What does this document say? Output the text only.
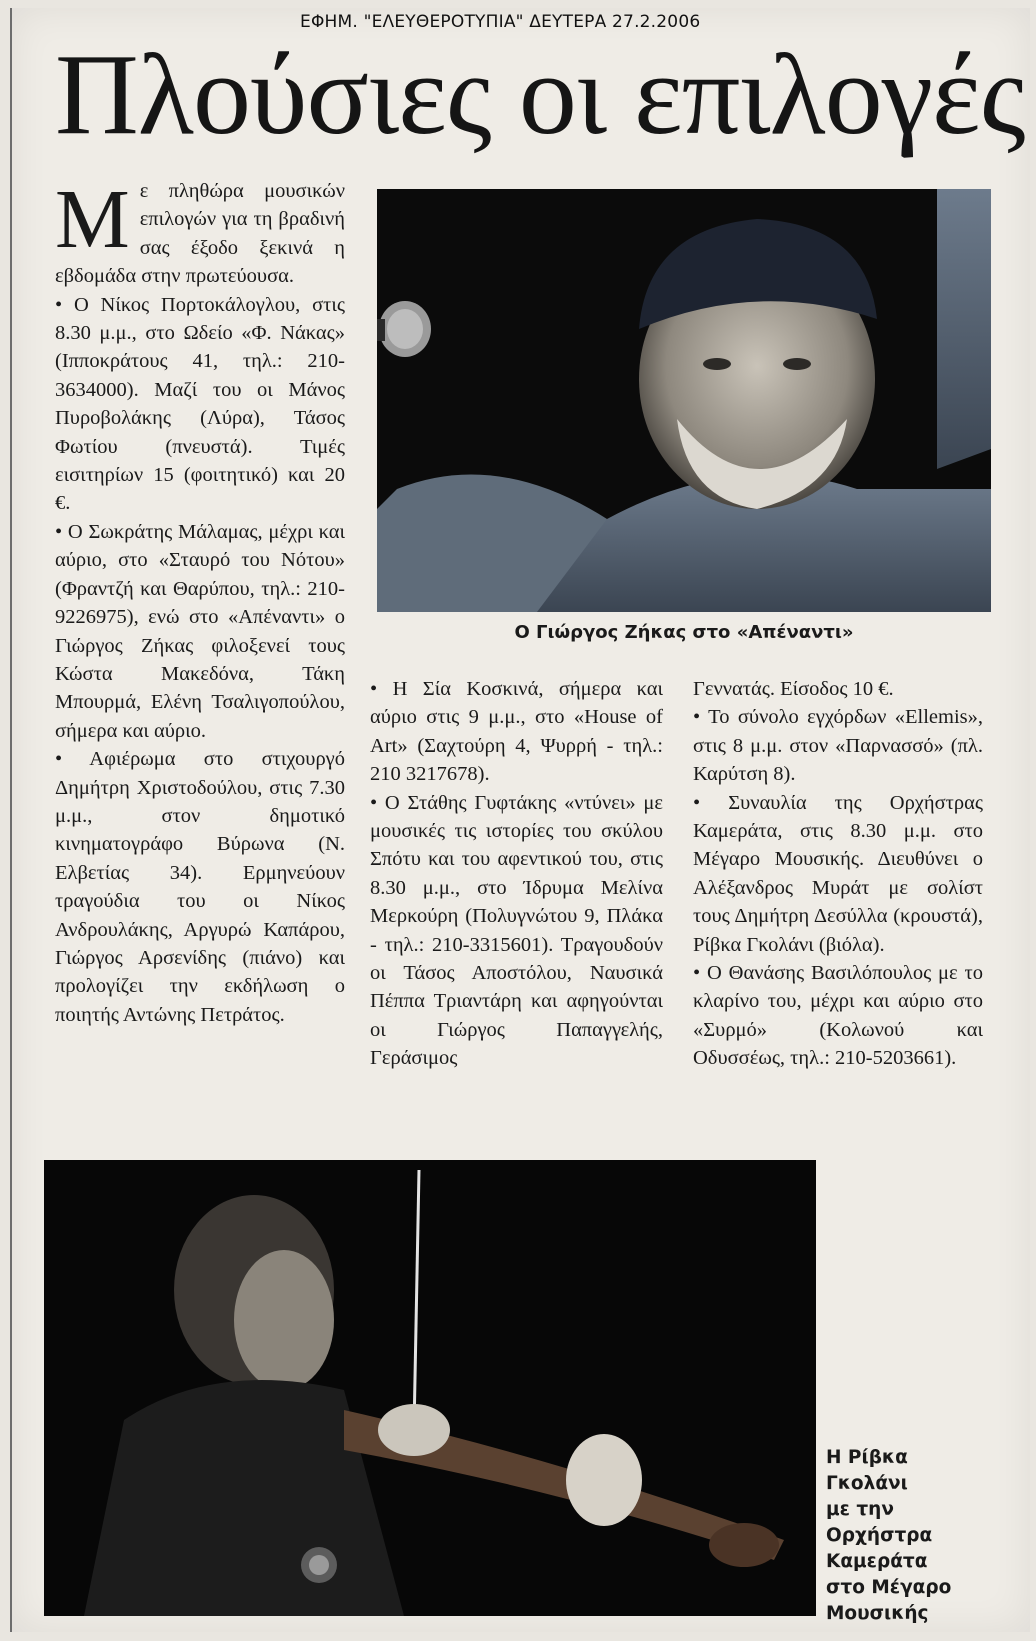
ΕΦΗΜ. "ΕΛΕΥΘΕΡΟΤΥΠΙΑ" ΔΕΥΤΕΡΑ 27.2.2006
Πλούσιες οι επιλογές
Μ ε πληθώρα μουσικών επιλογών για τη βραδινή σας έξοδο ξεκινά η εβδομάδα στην πρωτεύουσα.

• Ο Νίκος Πορτοκάλογλου, στις 8.30 μ.μ., στο Ωδείο «Φ. Νάκας» (Ιπποκράτους 41, τηλ.: 210-3634000). Μαζί του οι Μάνος Πυροβολάκης (Λύρα), Τάσος Φωτίου (πνευστά). Τιμές εισιτηρίων 15 (φοιτητικό) και 20 €.

• Ο Σωκράτης Μάλαμας, μέχρι και αύριο, στο «Σταυρό του Νότου» (Φραντζή και Θαρύπου, τηλ.: 210-9226975), ενώ στο «Απέναντι» ο Γιώργος Ζήκας φιλοξενεί τους Κώστα Μακεδόνα, Τάκη Μπουρμά, Ελένη Τσαλιγοπούλου, σήμερα και αύριο.

• Αφιέρωμα στο στιχουργό Δημήτρη Χριστοδούλου, στις 7.30 μ.μ., στον δημοτικό κινηματογράφο Βύρωνα (Ν. Ελβετίας 34). Ερμηνεύουν τραγούδια του οι Νίκος Ανδρουλάκης, Αργυρώ Καπάρου, Γιώργος Αρσενίδης (πιάνο) και προλογίζει την εκδήλωση ο ποιητής Αντώνης Πετράτος.

Ο Γιώργος Ζήκας στο «Απέναντι»

• Η Σία Κοσκινά, σήμερα και αύριο στις 9 μ.μ., στο «House of Art» (Σαχτούρη 4, Ψυρρή - τηλ.: 210 3217678).

• Ο Στάθης Γυφτάκης «ντύνει» με μουσικές τις ιστορίες του σκύλου Σπότυ και του αφεντικού του, στις 8.30 μ.μ., στο Ίδρυμα Μελίνα Μερκούρη (Πολυγνώτου 9, Πλάκα - τηλ.: 210-3315601). Τραγουδούν οι Τάσος Αποστόλου, Ναυσικά Πέππα Τριαντάρη και αφηγούνται οι Γιώργος Παπαγγελής, Γεράσιμος

Γεννατάς. Είσοδος 10 €.

• Το σύνολο εγχόρδων «Ellemis», στις 8 μ.μ. στον «Παρνασσό» (πλ. Καρύτση 8).

• Συναυλία της Ορχήστρας Καμεράτα, στις 8.30 μ.μ. στο Μέγαρο Μουσικής. Διευθύνει ο Αλέξανδρος Μυράτ με σολίστ τους Δημήτρη Δεσύλλα (κρουστά), Ρίβκα Γκολάνι (βιόλα).

• Ο Θανάσης Βασιλόπουλος με το κλαρίνο του, μέχρι και αύριο στο «Συρμό» (Κολωνού και Οδυσσέως, τηλ.: 210-5203661).

Η Ρίβκα
Γκολάνι
με την
Ορχήστρα
Καμεράτα
στο Μέγαρο
Μουσικής
